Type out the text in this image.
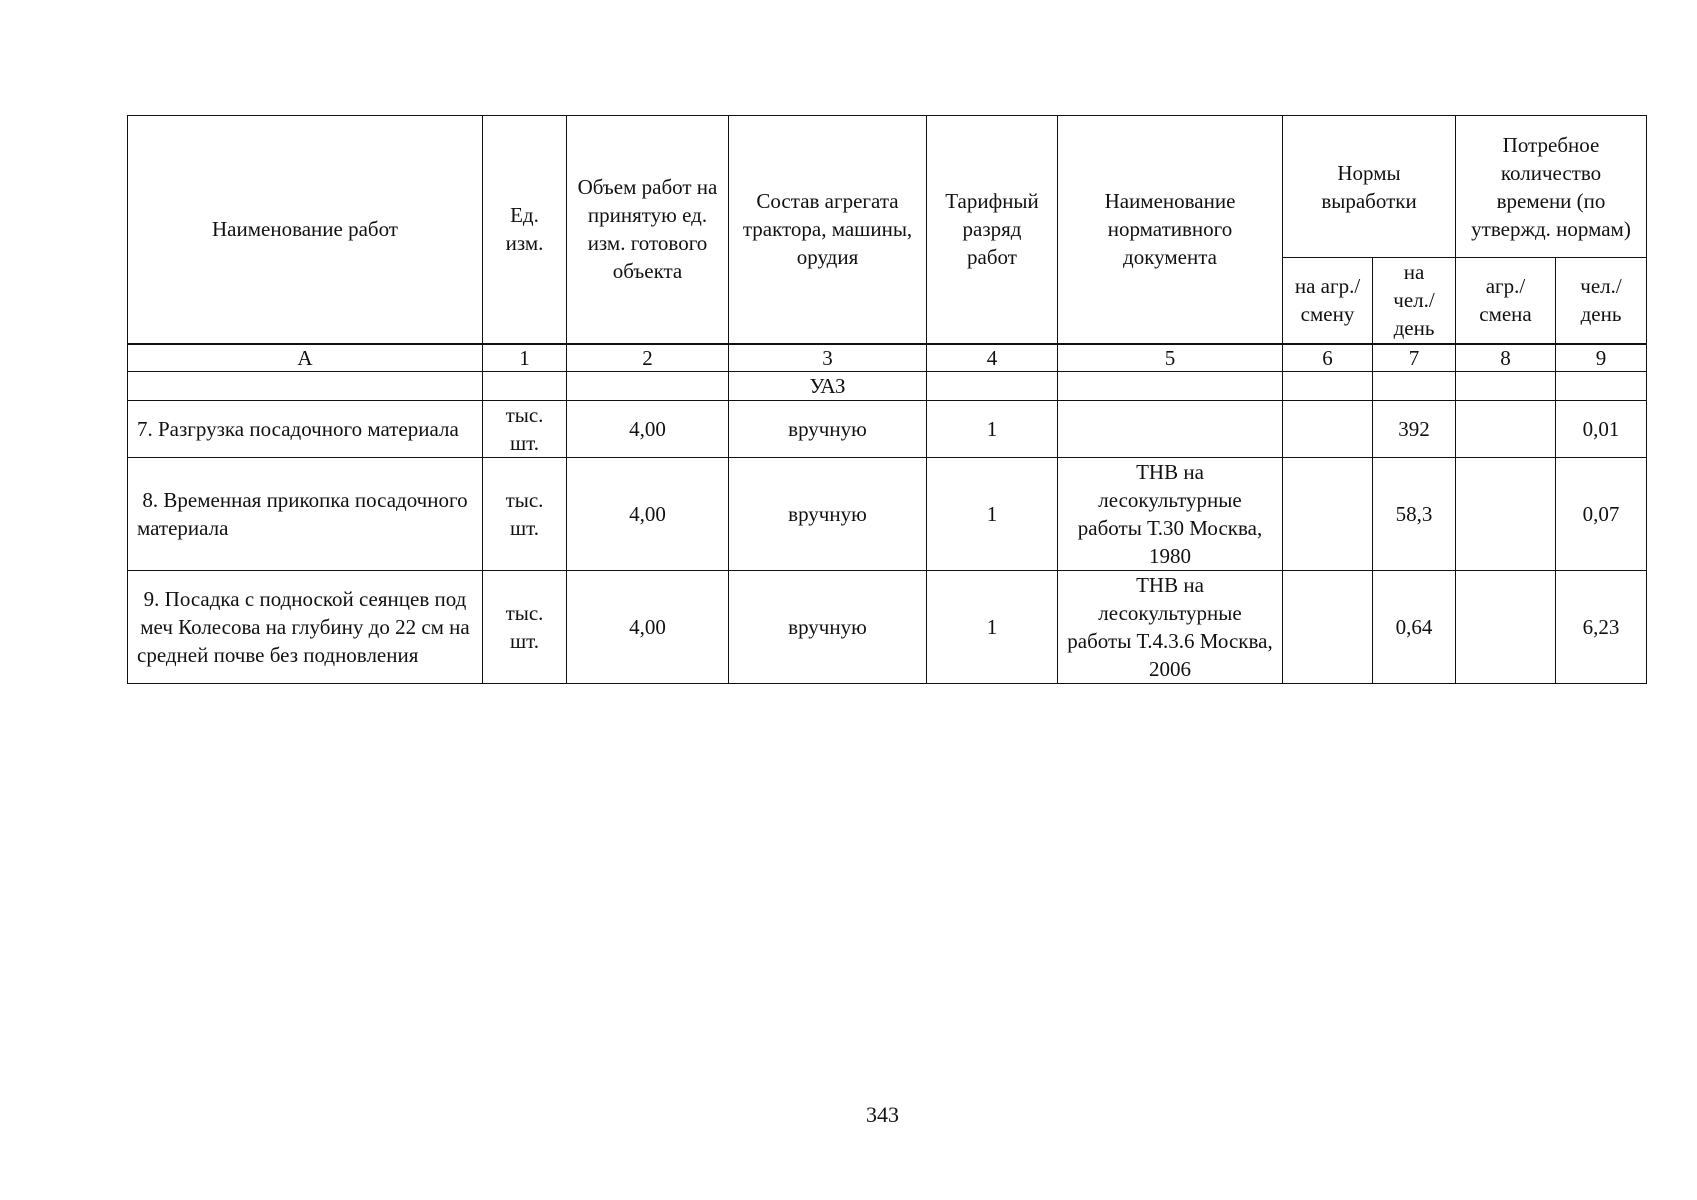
Наименование работ	Ед. изм.	Объем работ на принятую ед. изм. готового объекта	Состав агрегата трактора, машины, орудия	Тарифный разряд работ	Наименование нормативного документа	Нормы выработки		Потребное количество времени (по утвержд. нормам)	
						на агр./ смену	на чел./ день	агр./ смена	чел./ день
А	1	2	3	4	5	6	7	8	9
			УАЗ						
7. Разгрузка посадочного материала	тыс. шт.	4,00	вручную	1			392		0,01
8. Временная прикопка посадочного материала	тыс. шт.	4,00	вручную	1	ТНВ на лесокультурные работы Т.30 Москва, 1980		58,3		0,07
9. Посадка с подноской сеянцев под меч Колесова на глубину до 22 см на средней почве без подновления	тыс. шт.	4,00	вручную	1	ТНВ на лесокультурные работы Т.4.3.6 Москва, 2006		0,64		6,23
343
